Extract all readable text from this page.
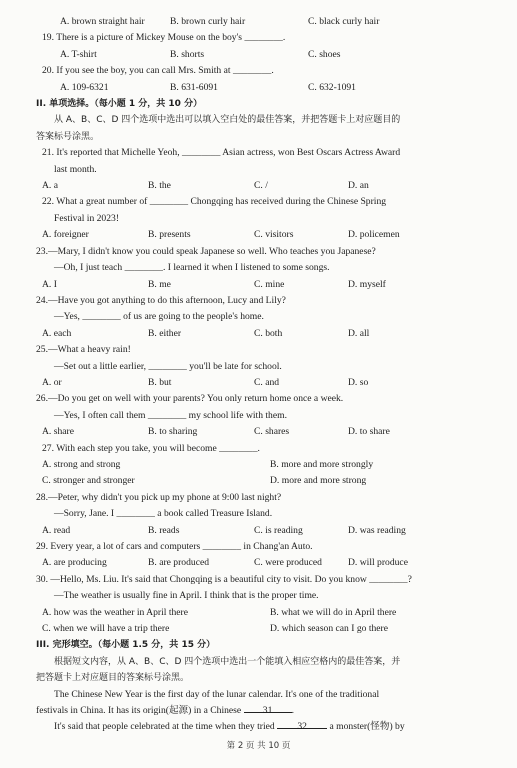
A. brown straight hair	B. brown curly hair	C. black curly hair
19. There is a picture of Mickey Mouse on the boy's ________.
A. T-shirt	B. shorts	C. shoes
20. If you see the boy, you can call Mrs. Smith at ________.
A. 109-6321	B. 631-6091	C. 632-1091
II. 单项选择。（每小题 1 分，共 10 分）
从 A、B、C、D 四个选项中选出可以填入空白处的最佳答案，并把答题卡上对应题目的
答案标号涂黑。
21. It's reported that Michelle Yeoh, ________ Asian actress, won Best Oscars Actress Award
last month.
A. a	B. the	C. /	D. an
22. What a great number of ________ Chongqing has received during the Chinese Spring
Festival in 2023!
A. foreigner	B. presents	C. visitors	D. policemen
23.—Mary, I didn't know you could speak Japanese so well. Who teaches you Japanese?
—Oh, I just teach ________. I learned it when I listened to some songs.
A. I	B. me	C. mine	D. myself
24.—Have you got anything to do this afternoon, Lucy and Lily?
—Yes, ________ of us are going to the people's home.
A. each	B. either	C. both	D. all
25.—What a heavy rain!
—Set out a little earlier, ________ you'll be late for school.
A. or	B. but	C. and	D. so
26.—Do you get on well with your parents? You only return home once a week.
—Yes, I often call them ________ my school life with them.
A. share	B. to sharing	C. shares	D. to share
27. With each step you take, you will become ________.
A. strong and strong	B. more and more strongly
C. stronger and stronger	D. more and more strong
28.—Peter, why didn't you pick up my phone at 9:00 last night?
—Sorry, Jane. I ________ a book called Treasure Island.
A. read	B. reads	C. is reading	D. was reading
29. Every year, a lot of cars and computers ________ in Chang'an Auto.
A. are producing	B. are produced	C. were produced	D. will produce
30. —Hello, Ms. Liu. It's said that Chongqing is a beautiful city to visit. Do you know ________?
—The weather is usually fine in April. I think that is the proper time.
A. how was the weather in April there	B. what we will do in April there
C. when we will have a trip there	D. which season can I go there
III. 完形填空。（每小题 1.5 分，共 15 分）
根据短文内容，从 A、B、C、D 四个选项中选出一个能填入相应空格内的最佳答案，并
把答题卡上对应题目的答案标号涂黑。
The Chinese New Year is the first day of the lunar calendar. It's one of the traditional
festivals in China. It has its origin(起源) in a Chinese 31 .
It's said that people celebrated at the time when they tried 32 a monster(怪物) by
第 2 页 共 10 页
